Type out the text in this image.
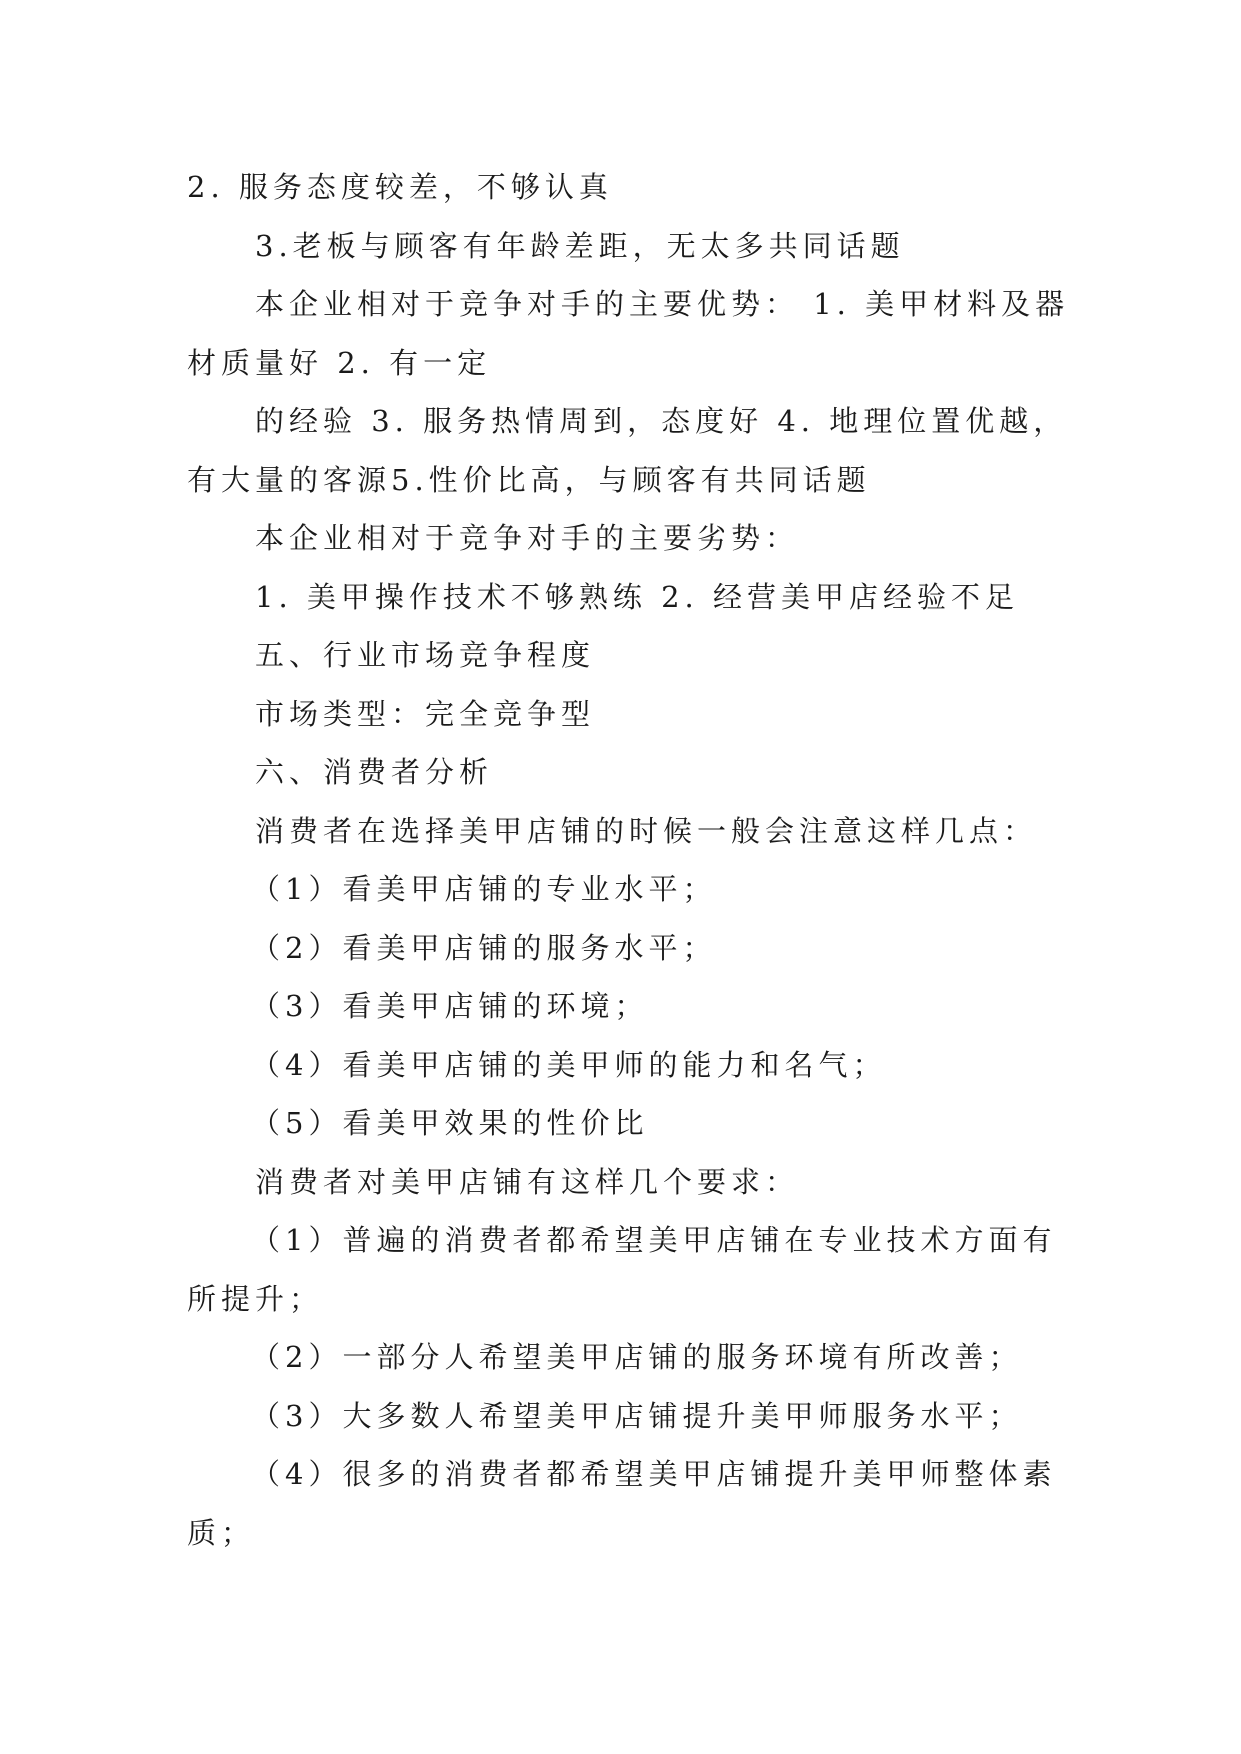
2. 服务态度较差，不够认真
3.老板与顾客有年龄差距，无太多共同话题
本企业相对于竞争对手的主要优势： 1. 美甲材料及器
材质量好 2. 有一定
的经验 3. 服务热情周到，态度好 4. 地理位置优越，
有大量的客源5.性价比高，与顾客有共同话题
本企业相对于竞争对手的主要劣势：
1. 美甲操作技术不够熟练 2. 经营美甲店经验不足
五、行业市场竞争程度
市场类型：完全竞争型
六、消费者分析
消费者在选择美甲店铺的时候一般会注意这样几点：
（1）看美甲店铺的专业水平；
（2）看美甲店铺的服务水平；
（3）看美甲店铺的环境；
（4）看美甲店铺的美甲师的能力和名气；
（5）看美甲效果的性价比
消费者对美甲店铺有这样几个要求：
（1）普遍的消费者都希望美甲店铺在专业技术方面有
所提升；
（2）一部分人希望美甲店铺的服务环境有所改善；
（3）大多数人希望美甲店铺提升美甲师服务水平；
（4）很多的消费者都希望美甲店铺提升美甲师整体素
质；
